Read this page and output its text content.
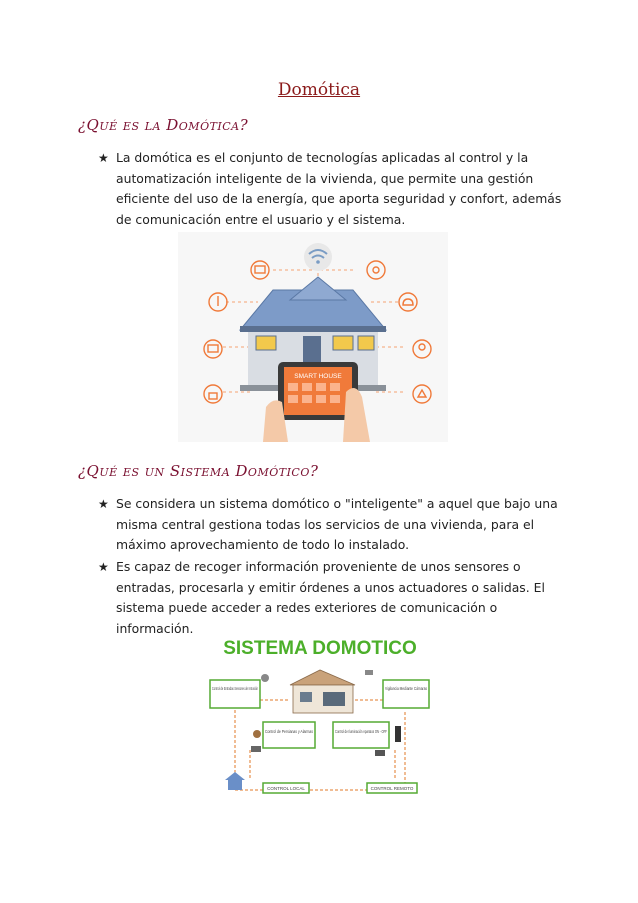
Domótica
¿Qué es la Domótica?
★ La domótica es el conjunto de tecnologías aplicadas al control y la automatización inteligente de la vivienda, que permite una gestión eficiente del uso de la energía, que aporta seguridad y confort, además de comunicación entre el usuario y el sistema.
SMART HOUSE
¿Qué es un Sistema Domótico?
★ Se considera un sistema domótico o "inteligente" a aquel que bajo una misma central gestiona todas los servicios de una vivienda, para el máximo aprovechamiento de todo lo instalado.
★ Es capaz de recoger información proveniente de unos sensores o entradas, procesarla y emitir órdenes a unos actuadores o salidas. El sistema puede acceder a redes exteriores de comunicación o información.
SISTEMA DOMOTICO
Control de Entradas Sensores de Intrusión	Vigilancia Mediante Cámaras
Control de Persianas y Alarmas	Control de Iluminación Aparatos ON - OFF
CONTROL LOCAL	CONTROL REMOTO
